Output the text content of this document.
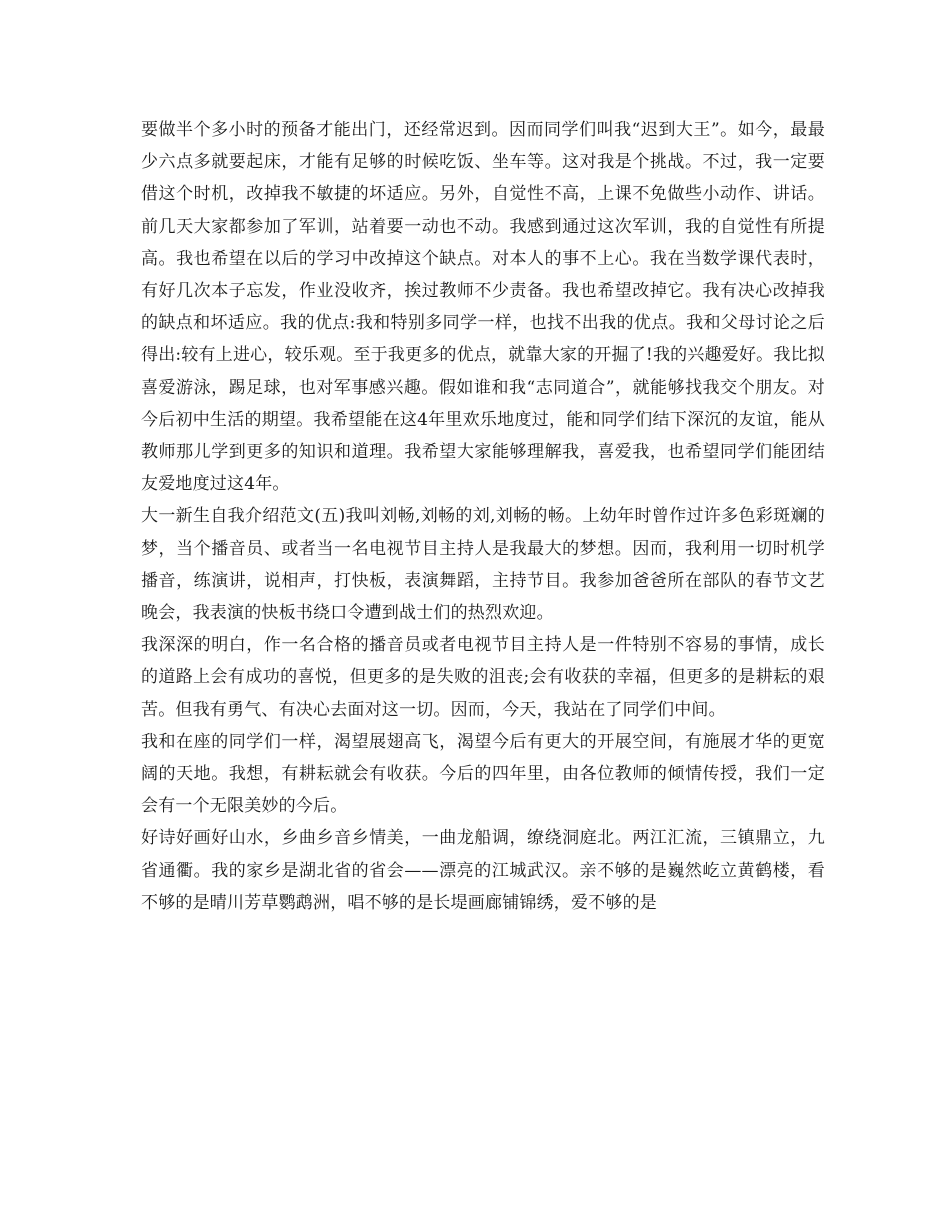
要做半个多小时的预备才能出门，还经常迟到。因而同学们叫我“迟到大王”。如今，最最少六点多就要起床，才能有足够的时候吃饭、坐车等。这对我是个挑战。不过，我一定要借这个时机，改掉我不敏捷的坏适应。另外，自觉性不高，上课不免做些小动作、讲话。前几天大家都参加了军训，站着要一动也不动。我感到通过这次军训，我的自觉性有所提高。我也希望在以后的学习中改掉这个缺点。对本人的事不上心。我在当数学课代表时，有好几次本子忘发，作业没收齐，挨过教师不少责备。我也希望改掉它。我有决心改掉我的缺点和坏适应。我的优点:我和特别多同学一样，也找不出我的优点。我和父母讨论之后得出:较有上进心，较乐观。至于我更多的优点，就靠大家的开掘了!我的兴趣爱好。我比拟喜爱游泳，踢足球，也对军事感兴趣。假如谁和我“志同道合”，就能够找我交个朋友。对今后初中生活的期望。我希望能在这4年里欢乐地度过，能和同学们结下深沉的友谊，能从教师那儿学到更多的知识和道理。我希望大家能够理解我，喜爱我，也希望同学们能团结友爱地度过这4年。

大一新生自我介绍范文(五)我叫刘畅,刘畅的刘,刘畅的畅。上幼年时曾作过许多色彩斑斓的梦，当个播音员、或者当一名电视节目主持人是我最大的梦想。因而，我利用一切时机学播音，练演讲，说相声，打快板，表演舞蹈，主持节目。我参加爸爸所在部队的春节文艺晚会，我表演的快板书绕口令遭到战士们的热烈欢迎。

我深深的明白，作一名合格的播音员或者电视节目主持人是一件特别不容易的事情，成长的道路上会有成功的喜悦，但更多的是失败的沮丧;会有收获的幸福，但更多的是耕耘的艰苦。但我有勇气、有决心去面对这一切。因而，今天，我站在了同学们中间。

我和在座的同学们一样，渴望展翅高飞，渴望今后有更大的开展空间，有施展才华的更宽阔的天地。我想，有耕耘就会有收获。今后的四年里，由各位教师的倾情传授，我们一定会有一个无限美妙的今后。

好诗好画好山水，乡曲乡音乡情美，一曲龙船调，缭绕洞庭北。两江汇流，三镇鼎立，九省通衢。我的家乡是湖北省的省会——漂亮的江城武汉。亲不够的是巍然屹立黄鹤楼，看不够的是晴川芳草鹦鹉洲，唱不够的是长堤画廊铺锦绣，爱不够的是
